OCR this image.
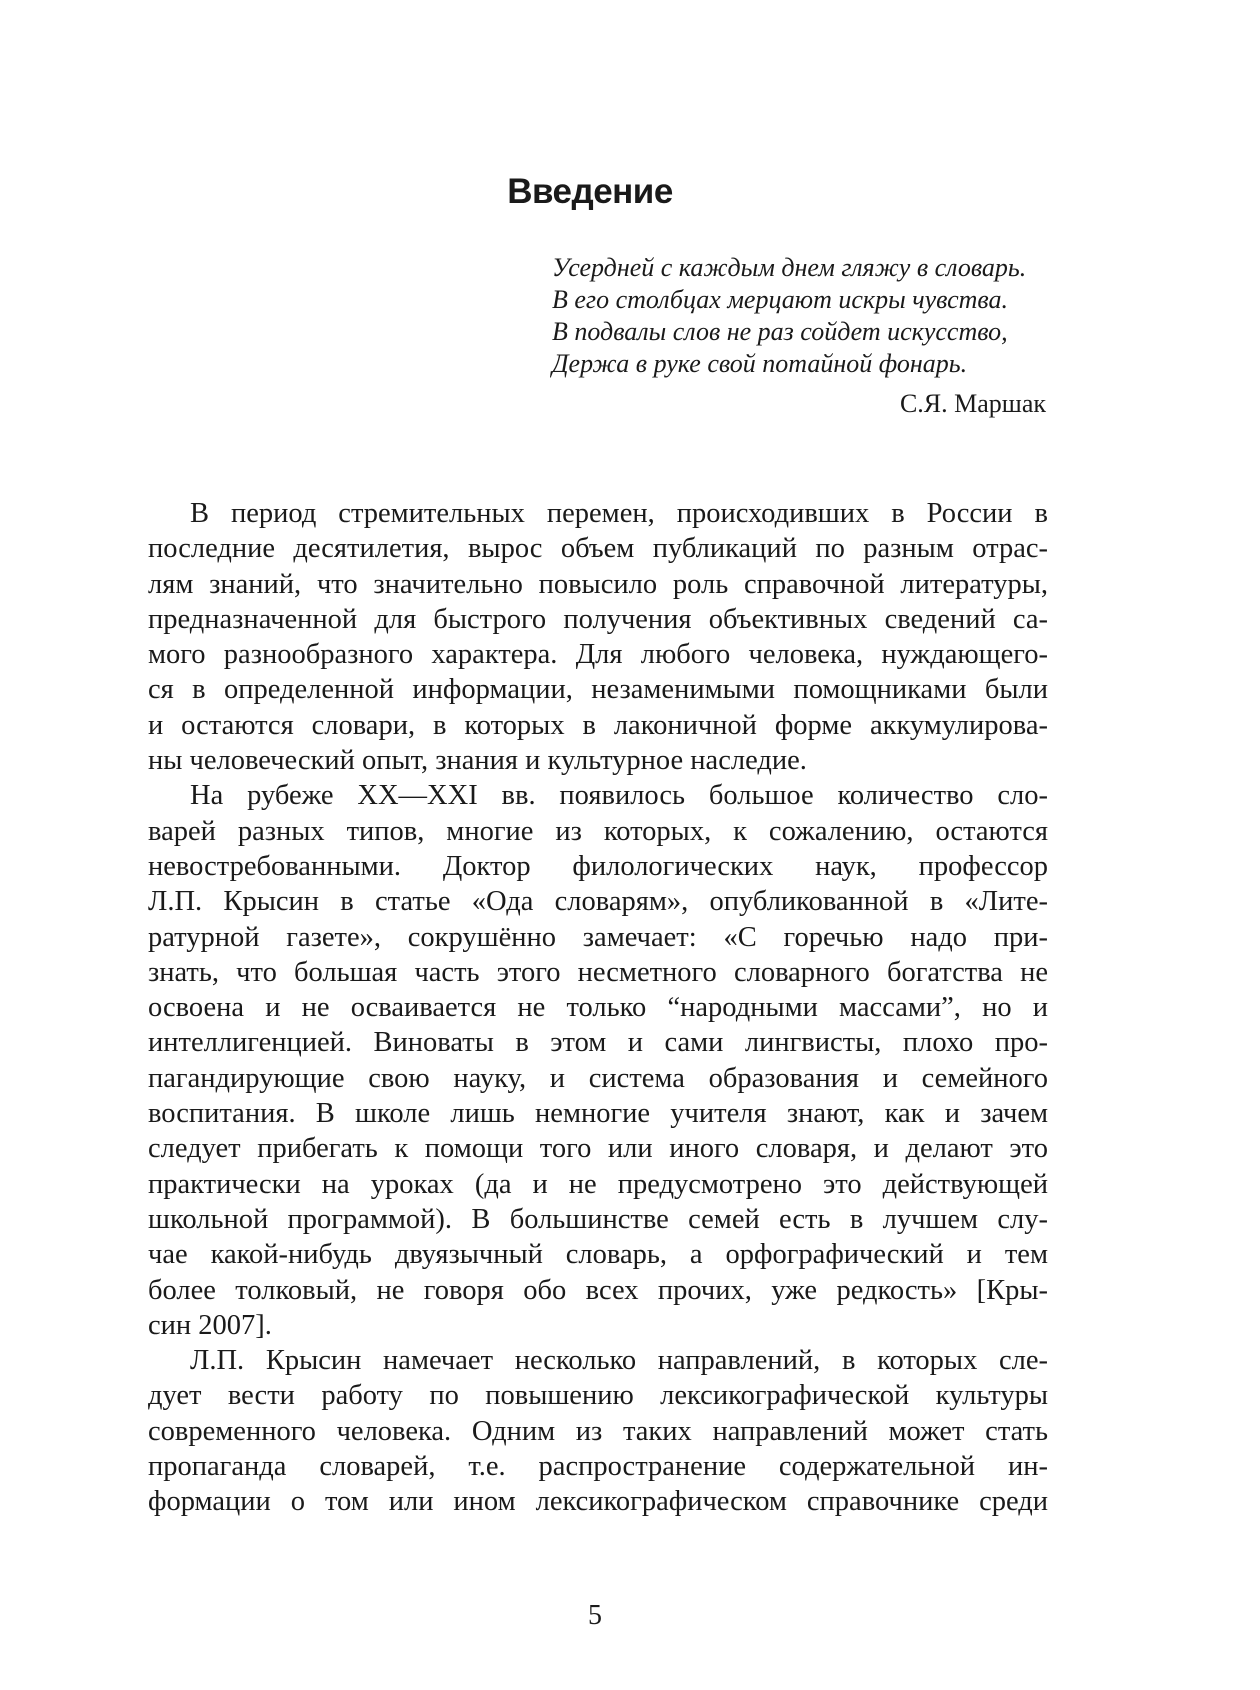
Введение
Усердней с каждым днем гляжу в словарь.
В его столбцах мерцают искры чувства.
В подвалы слов не раз сойдет искусство,
Держа в руке свой потайной фонарь.
С.Я. Маршак
В период стремительных перемен, происходивших в России в
последние десятилетия, вырос объем публикаций по разным отрас-
лям знаний, что значительно повысило роль справочной литературы,
предназначенной для быстрого получения объективных сведений са-
мого разнообразного характера. Для любого человека, нуждающего-
ся в определенной информации, незаменимыми помощниками были
и остаются словари, в которых в лаконичной форме аккумулирова-
ны человеческий опыт, знания и культурное наследие.
На рубеже XX—XXI вв. появилось большое количество сло-
варей разных типов, многие из которых, к сожалению, остаются
невостребованными. Доктор филологических наук, профессор
Л.П. Крысин в статье «Ода словарям», опубликованной в «Лите-
ратурной газете», сокрушённо замечает: «С горечью надо при-
знать, что большая часть этого несметного словарного богатства не
освоена и не осваивается не только “народными массами”, но и
интеллигенцией. Виноваты в этом и сами лингвисты, плохо про-
пагандирующие свою науку, и система образования и семейного
воспитания. В школе лишь немногие учителя знают, как и зачем
следует прибегать к помощи того или иного словаря, и делают это
практически на уроках (да и не предусмотрено это действующей
школьной программой). В большинстве семей есть в лучшем слу-
чае какой-нибудь двуязычный словарь, а орфографический и тем
более толковый, не говоря обо всех прочих, уже редкость» [Кры-
син 2007].
Л.П. Крысин намечает несколько направлений, в которых сле-
дует вести работу по повышению лексикографической культуры
современного человека. Одним из таких направлений может стать
пропаганда словарей, т.е. распространение содержательной ин-
формации о том или ином лексикографическом справочнике среди
5
